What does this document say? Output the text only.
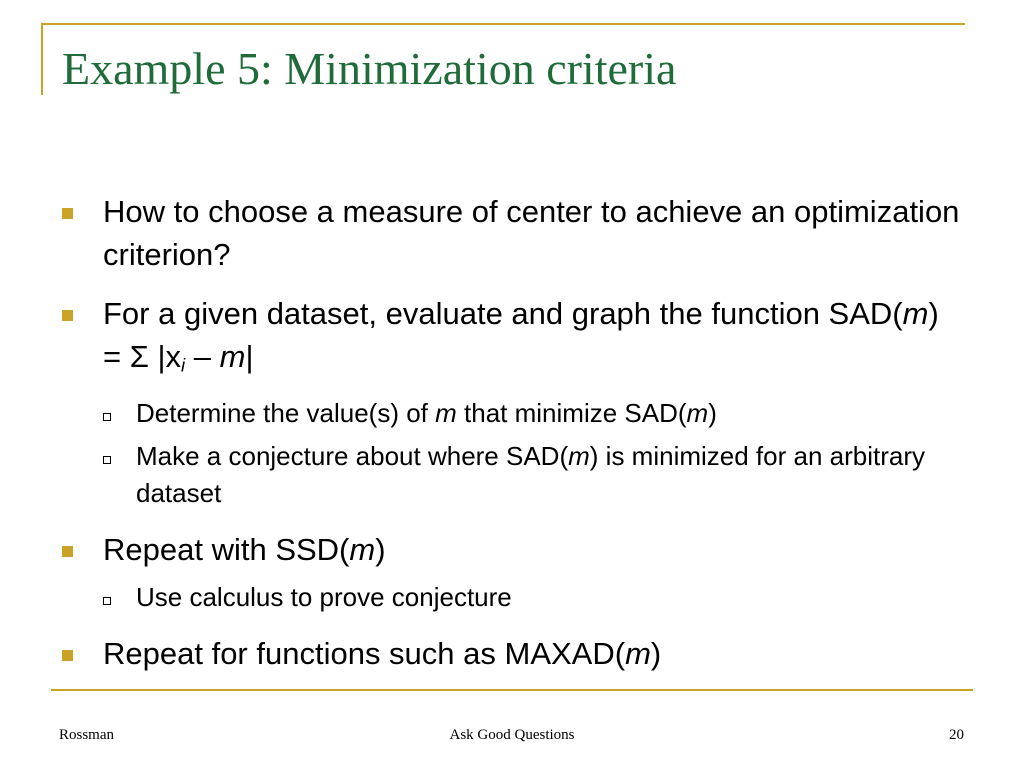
Example 5: Minimization criteria
How to choose a measure of center to achieve an optimization criterion?
For a given dataset, evaluate and graph the function SAD(m) = Σ $|x_i - m|$
Determine the value(s) of m that minimize SAD(m)
Make a conjecture about where SAD(m) is minimized for an arbitrary dataset
Repeat with SSD(m)
Use calculus to prove conjecture
Repeat for functions such as MAXAD(m)
Rossman	Ask Good Questions	20
